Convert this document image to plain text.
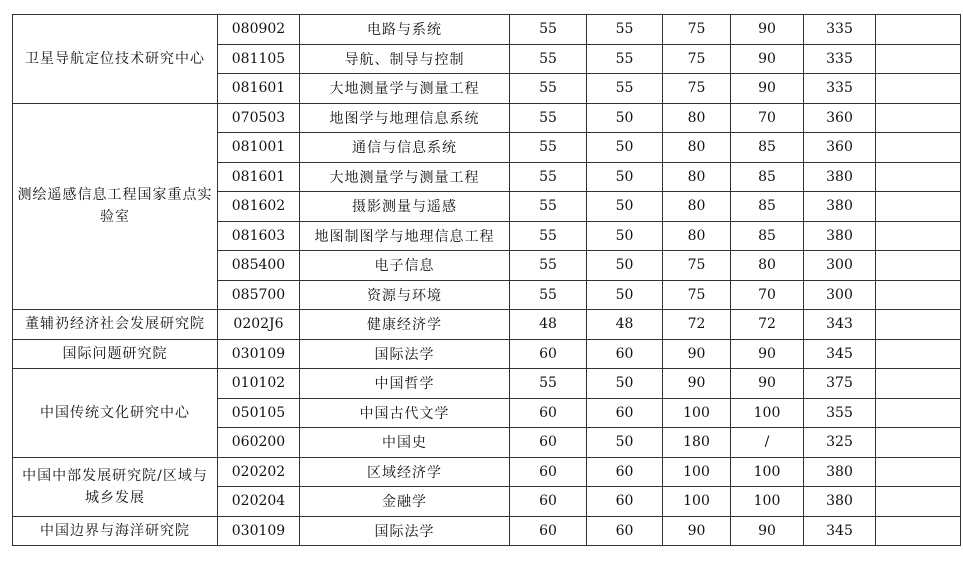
卫星导航定位技术研究中心	080902	电路与系统	55	55	75	90	335	
	081105	导航、制导与控制	55	55	75	90	335	
	081601	大地测量学与测量工程	55	55	75	90	335	
测绘遥感信息工程国家重点实验室	070503	地图学与地理信息系统	55	50	80	70	360	
	081001	通信与信息系统	55	50	80	85	360	
	081601	大地测量学与测量工程	55	50	80	85	380	
	081602	摄影测量与遥感	55	50	80	85	380	
	081603	地图制图学与地理信息工程	55	50	80	85	380	
	085400	电子信息	55	50	75	80	300	
	085700	资源与环境	55	50	75	70	300	
董辅礽经济社会发展研究院	0202J6	健康经济学	48	48	72	72	343	
国际问题研究院	030109	国际法学	60	60	90	90	345	
中国传统文化研究中心	010102	中国哲学	55	50	90	90	375	
	050105	中国古代文学	60	60	100	100	355	
	060200	中国史	60	50	180	/	325	
中国中部发展研究院/区域与城乡发展	020202	区域经济学	60	60	100	100	380	
	020204	金融学	60	60	100	100	380	
中国边界与海洋研究院	030109	国际法学	60	60	90	90	345	
